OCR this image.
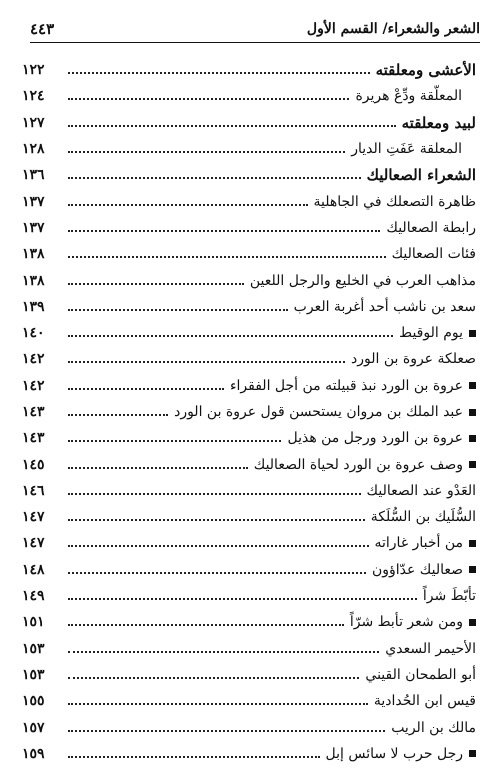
٤٤٣	الشعر والشعراء/ القسم الأول
الأعشى ومعلقته
١٢٢
المعلّقة ودِّعْ هريرة
١٢٤
لبيد ومعلقته
١٢٧
المعلقة عَفَتِ الديار
١٢٨
الشعراء الصعاليك
١٣٦
ظاهرة التصعلك في الجاهلية
١٣٧
رابطة الصعاليك
١٣٧
فئات الصعاليك
١٣٨
مذاهب العرب في الخليع والرجل اللعين
١٣٨
سعد بن ناشب أحد أغربة العرب
١٣٩
يوم الوقيط
١٤٠
صعلكة عروة بن الورد
١٤٢
عروة بن الورد نبذ قبيلته من أجل الفقراء
١٤٢
عبد الملك بن مروان يستحسن قول عروة بن الورد
١٤٣
عروة بن الورد ورجل من هذيل
١٤٣
وصف عروة بن الورد لحياة الصعاليك
١٤٥
العَدْو عند الصعاليك
١٤٦
السُّلَيك بن السُّلَكة
١٤٧
من أخبار غاراته
١٤٧
صعاليك عدّاؤون
١٤٨
تأبّطَ شراً
١٤٩
ومن شعر تأبط شرّاً
١٥١
الأحيمر السعدي
١٥٣
أبو الطمحان القيني
١٥٣
قيس ابن الحُدادية
١٥٥
مالك بن الريب
١٥٧
رجل حرب لا سائس إبل
١٥٩
